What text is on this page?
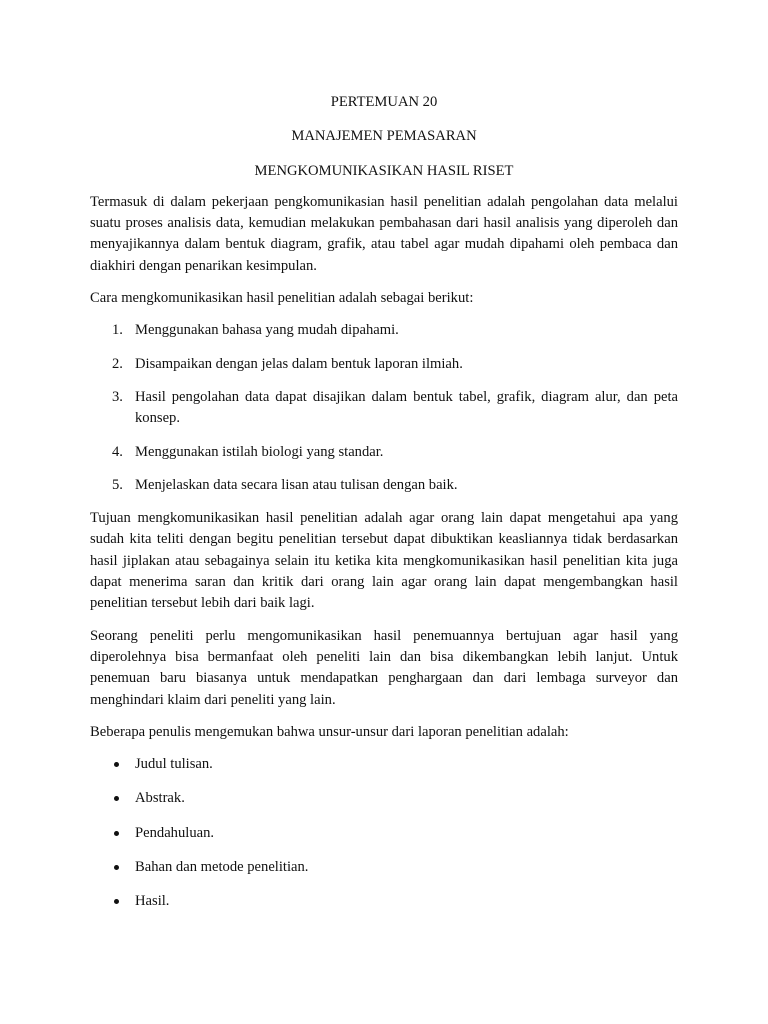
PERTEMUAN 20

MANAJEMEN PEMASARAN

MENGKOMUNIKASIKAN HASIL RISET

Termasuk di dalam pekerjaan pengkomunikasian hasil penelitian adalah pengolahan data melalui suatu proses analisis data, kemudian melakukan pembahasan dari hasil analisis yang diperoleh dan menyajikannya dalam bentuk diagram, grafik, atau tabel agar mudah dipahami oleh pembaca dan diakhiri dengan penarikan kesimpulan.

Cara mengkomunikasikan hasil penelitian adalah sebagai berikut:

1. Menggunakan bahasa yang mudah dipahami.
2. Disampaikan dengan jelas dalam bentuk laporan ilmiah.
3. Hasil pengolahan data dapat disajikan dalam bentuk tabel, grafik, diagram alur, dan peta konsep.
4. Menggunakan istilah biologi yang standar.
5. Menjelaskan data secara lisan atau tulisan dengan baik.

Tujuan mengkomunikasikan hasil penelitian adalah agar orang lain dapat mengetahui apa yang sudah kita teliti dengan begitu penelitian tersebut dapat dibuktikan keasliannya tidak berdasarkan hasil jiplakan atau sebagainya selain itu ketika kita mengkomunikasikan hasil penelitian kita juga dapat menerima saran dan kritik dari orang lain agar orang lain dapat mengembangkan hasil penelitian tersebut lebih dari baik lagi.

Seorang peneliti perlu mengomunikasikan hasil penemuannya bertujuan agar hasil yang diperolehnya bisa bermanfaat oleh peneliti lain dan bisa dikembangkan lebih lanjut. Untuk penemuan baru biasanya untuk mendapatkan penghargaan dan dari lembaga surveyor dan menghindari klaim dari peneliti yang lain.

Beberapa penulis mengemukan bahwa unsur-unsur dari laporan penelitian adalah:

Judul tulisan.
Abstrak.
Pendahuluan.
Bahan dan metode penelitian.
Hasil.
